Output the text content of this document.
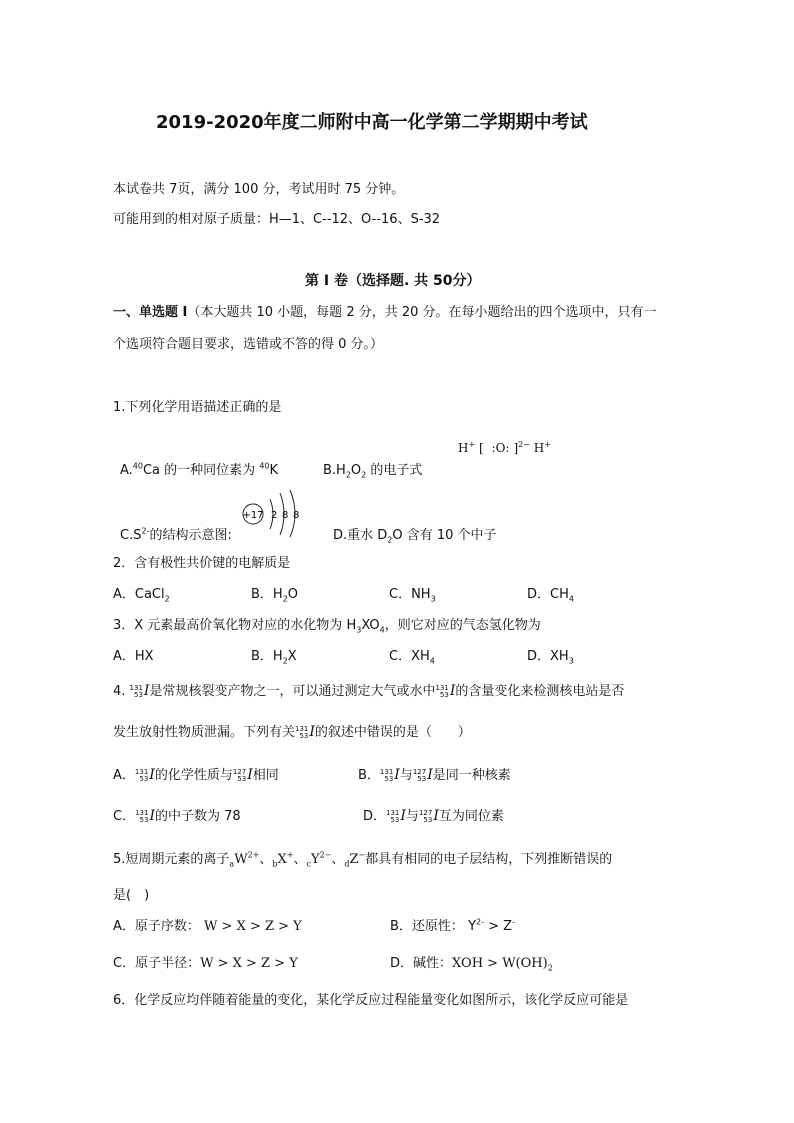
2019-2020年度二师附中高一化学第二学期期中考试
本试卷共 7页，满分 100 分，考试用时 75 分钟。
可能用到的相对原子质量：H—1、C--12、O--16、S-32
第 I 卷（选择题. 共 50分）
一、单选题 I（本大题共 10 小题，每题 2 分，共 20 分。在每小题给出的四个选项中，只有一
个选项符合题目要求，选错或不答的得 0 分。）
1.下列化学用语描述正确的是
H+ [ :O: ]$^{2-}$ H+
A.$^{40}$Ca 的一种同位素为 $^{40}$K	$B.H_2O_2$ 的电子式
$C.S^{2-}$的结构示意图:
+17 2 8 8
D.重水 $D_2O$ 含有 10 个中子
2．含有极性共价键的电解质是
A．CaCl$_2$	B．$H_2O$	C．$NH_3$	D．$CH_4$
3．X 元素最高价氧化物对应的水化物为 $H_3XO_4$，则它对应的气态氢化物为
A．HX	B．$H_2X$	C．$XH_4$	D．$XH_3$
4. 131
53 I是常规核裂变产物之一，可以通过测定大气或水中 131
53 I的含量变化来检测核电站是否
发生放射性物质泄漏。下列有关 131
53 I的叙述中错误的是（　　）
A． 131
53 I的化学性质与 127
53 I相同	B． 131
53 I与 127
53 I是同一种核素
C． 131
53 I的中子数为 78	D． 131
53 I与 127
53 I互为同位素
5.短周期元素的离子$_aW^{2+}$、$_b$X+、$_cY^{2-}$、$_d$Z−都具有相同的电子层结构，下列推断错误的
是(　)
A．原子序数： W > X > Z > Y	B．还原性： $Y^{2-} > Z^-$
C．原子半径：W > X > Z > Y	D．碱性：XOH > $W(OH)_2$
6．化学反应均伴随着能量的变化，某化学反应过程能量变化如图所示，该化学反应可能是
